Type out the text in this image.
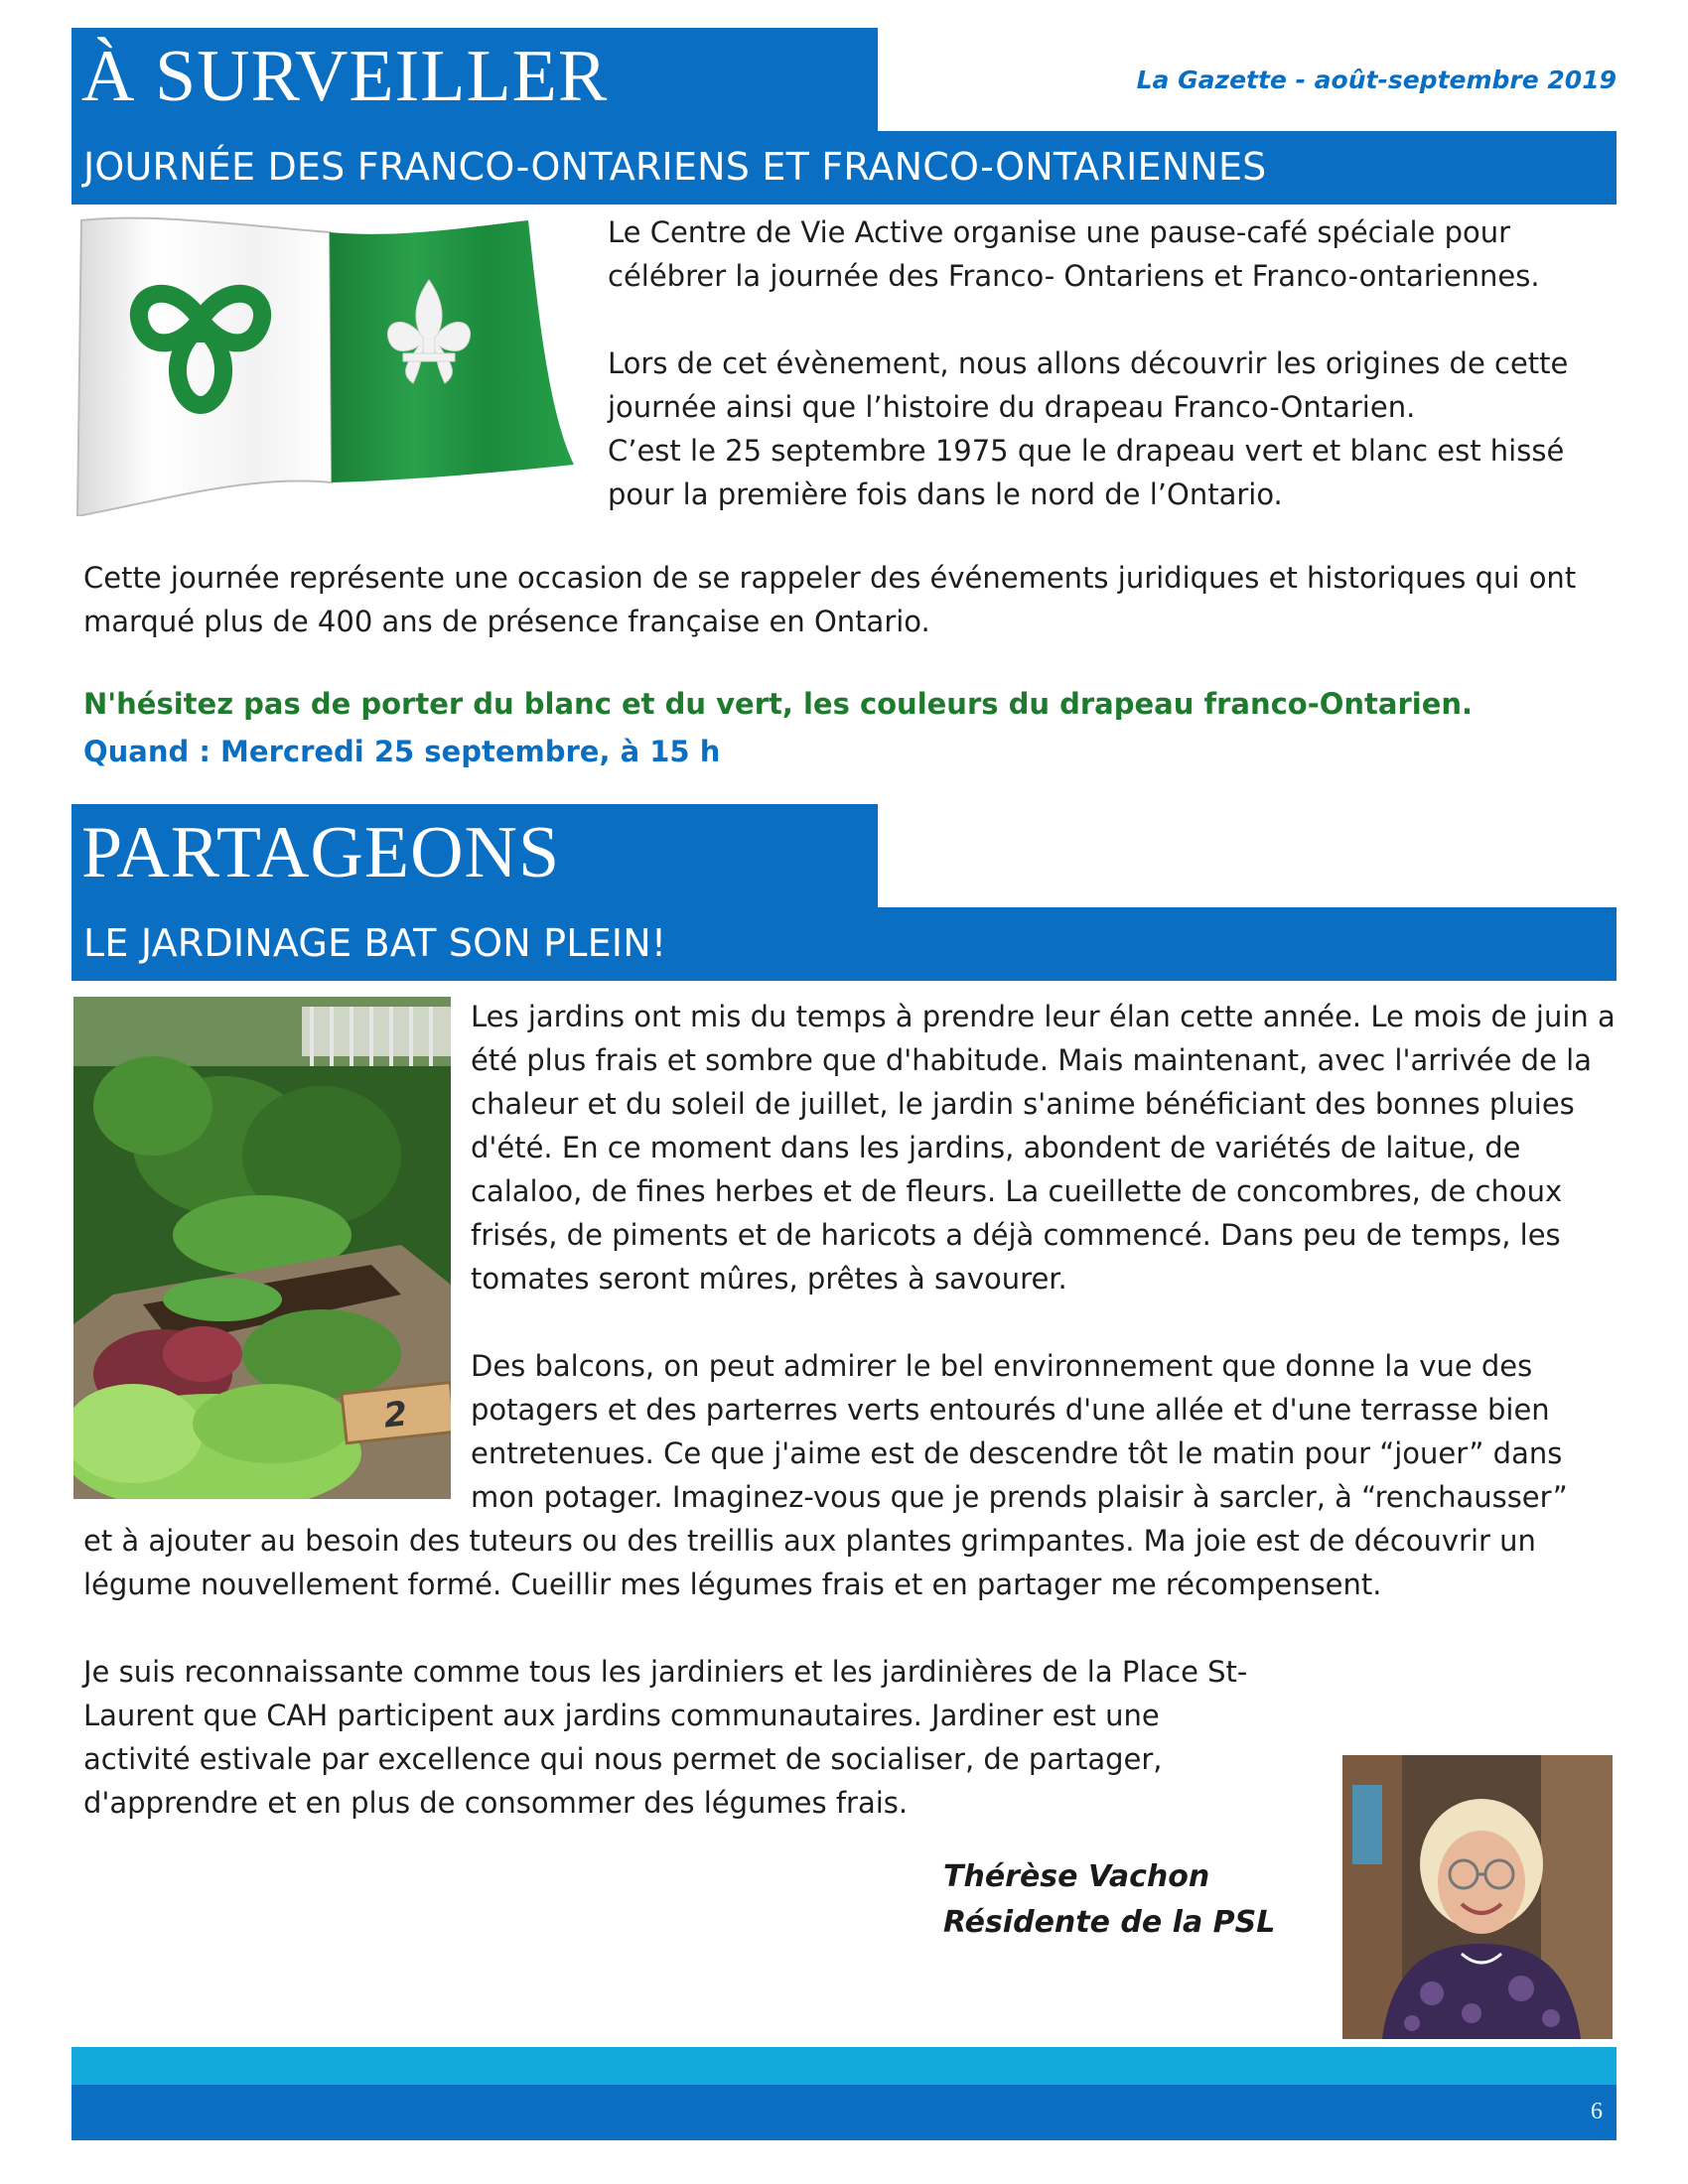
À SURVEILLER	La Gazette - août-septembre 2019
JOURNÉE DES FRANCO-ONTARIENS ET FRANCO-ONTARIENNES

Le Centre de Vie Active organise une pause-café spéciale pour célébrer la journée des Franco- Ontariens et Franco-ontariennes.

Lors de cet évènement, nous allons découvrir les origines de cette journée ainsi que l’histoire du drapeau Franco-Ontarien.

C’est le 25 septembre 1975 que le drapeau vert et blanc est hissé pour la première fois dans le nord de l’Ontario.

Cette journée représente une occasion de se rappeler des événements juridiques et historiques qui ont marqué plus de 400 ans de présence française en Ontario.
N'hésitez pas de porter du blanc et du vert, les couleurs du drapeau franco-Ontarien.
Quand : Mercredi 25 septembre, à 15 h
PARTAGEONS
LE JARDINAGE BAT SON PLEIN!
2

Les jardins ont mis du temps à prendre leur élan cette année. Le mois de juin a été plus frais et sombre que d'habitude. Mais maintenant, avec l'arrivée de la chaleur et du soleil de juillet, le jardin s'anime bénéficiant des bonnes pluies d'été. En ce moment dans les jardins, abondent de variétés de laitue, de calaloo, de fines herbes et de fleurs. La cueillette de concombres, de choux frisés, de piments et de haricots a déjà commencé. Dans peu de temps, les tomates seront mûres, prêtes à savourer.

Des balcons, on peut admirer le bel environnement que donne la vue des potagers et des parterres verts entourés d'une allée et d'une terrasse bien entretenues. Ce que j'aime est de descendre tôt le matin pour “jouer” dans mon potager. Imaginez-vous que je prends plaisir à sarcler, à “renchausser”

et à ajouter au besoin des tuteurs ou des treillis aux plantes grimpantes. Ma joie est de découvrir un légume nouvellement formé. Cueillir mes légumes frais et en partager me récompensent.

Je suis reconnaissante comme tous les jardiniers et les jardinières de la Place St-Laurent que CAH participent aux jardins communautaires. Jardiner est une activité estivale par excellence qui nous permet de socialiser, de partager, d'apprendre et en plus de consommer des légumes frais.
Thérèse Vachon
Résidente de la PSL
6
